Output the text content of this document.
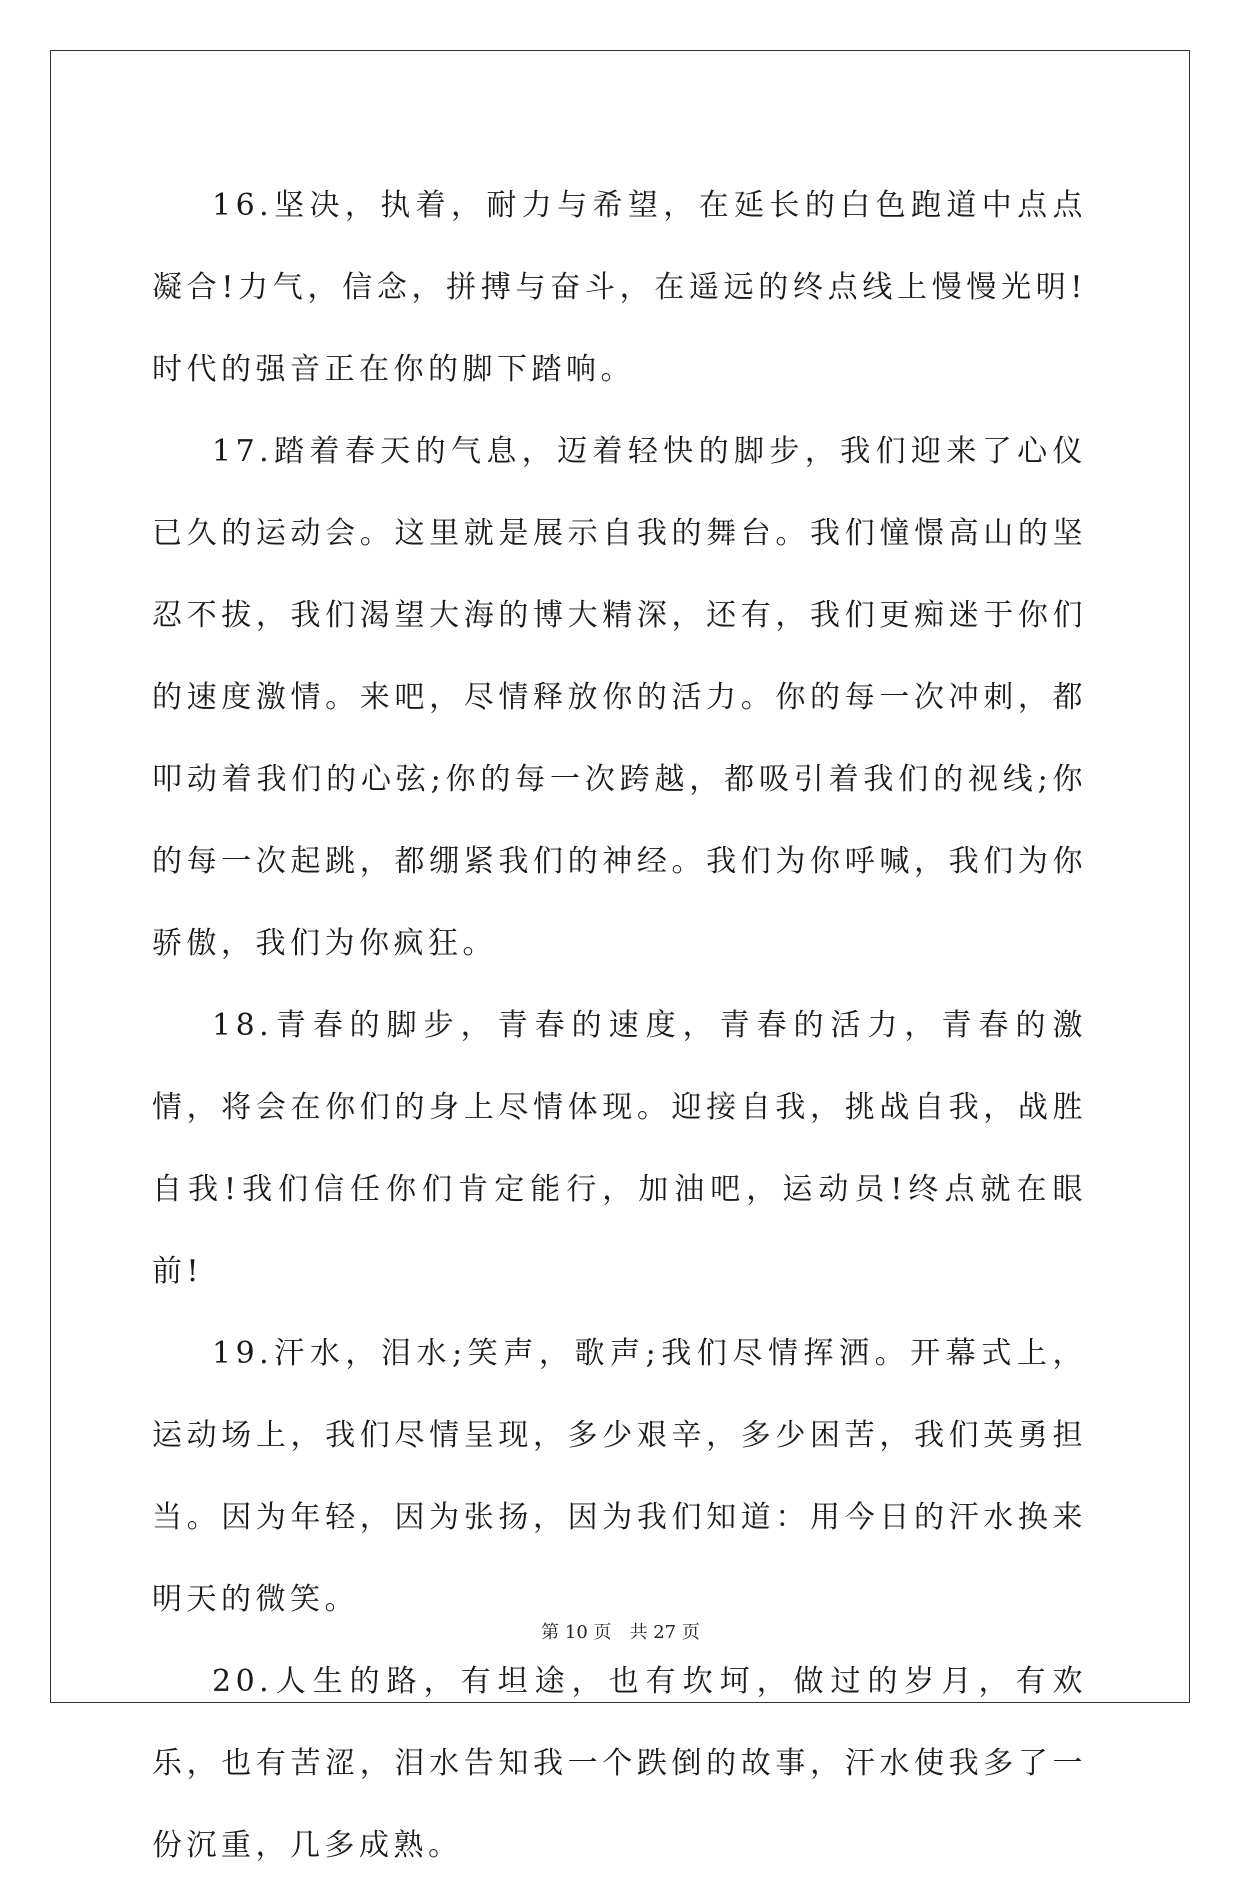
16.坚决，执着，耐力与希望，在延长的白色跑道中点点凝合!力气，信念，拼搏与奋斗，在遥远的终点线上慢慢光明!时代的强音正在你的脚下踏响。

17.踏着春天的气息，迈着轻快的脚步，我们迎来了心仪已久的运动会。这里就是展示自我的舞台。我们憧憬高山的坚忍不拔，我们渴望大海的博大精深，还有，我们更痴迷于你们的速度激情。来吧，尽情释放你的活力。你的每一次冲刺，都叩动着我们的心弦;你的每一次跨越，都吸引着我们的视线;你的每一次起跳，都绷紧我们的神经。我们为你呼喊，我们为你骄傲，我们为你疯狂。

18.青春的脚步，青春的速度，青春的活力，青春的激情，将会在你们的身上尽情体现。迎接自我，挑战自我，战胜自我!我们信任你们肯定能行，加油吧，运动员!终点就在眼前!

19.汗水，泪水;笑声，歌声;我们尽情挥洒。开幕式上，运动场上，我们尽情呈现，多少艰辛，多少困苦，我们英勇担当。因为年轻，因为张扬，因为我们知道：用今日的汗水换来明天的微笑。

20.人生的路，有坦途，也有坎坷，做过的岁月，有欢乐，也有苦涩，泪水告知我一个跌倒的故事，汗水使我多了一份沉重，几多成熟。

第 10 页　共 27 页
